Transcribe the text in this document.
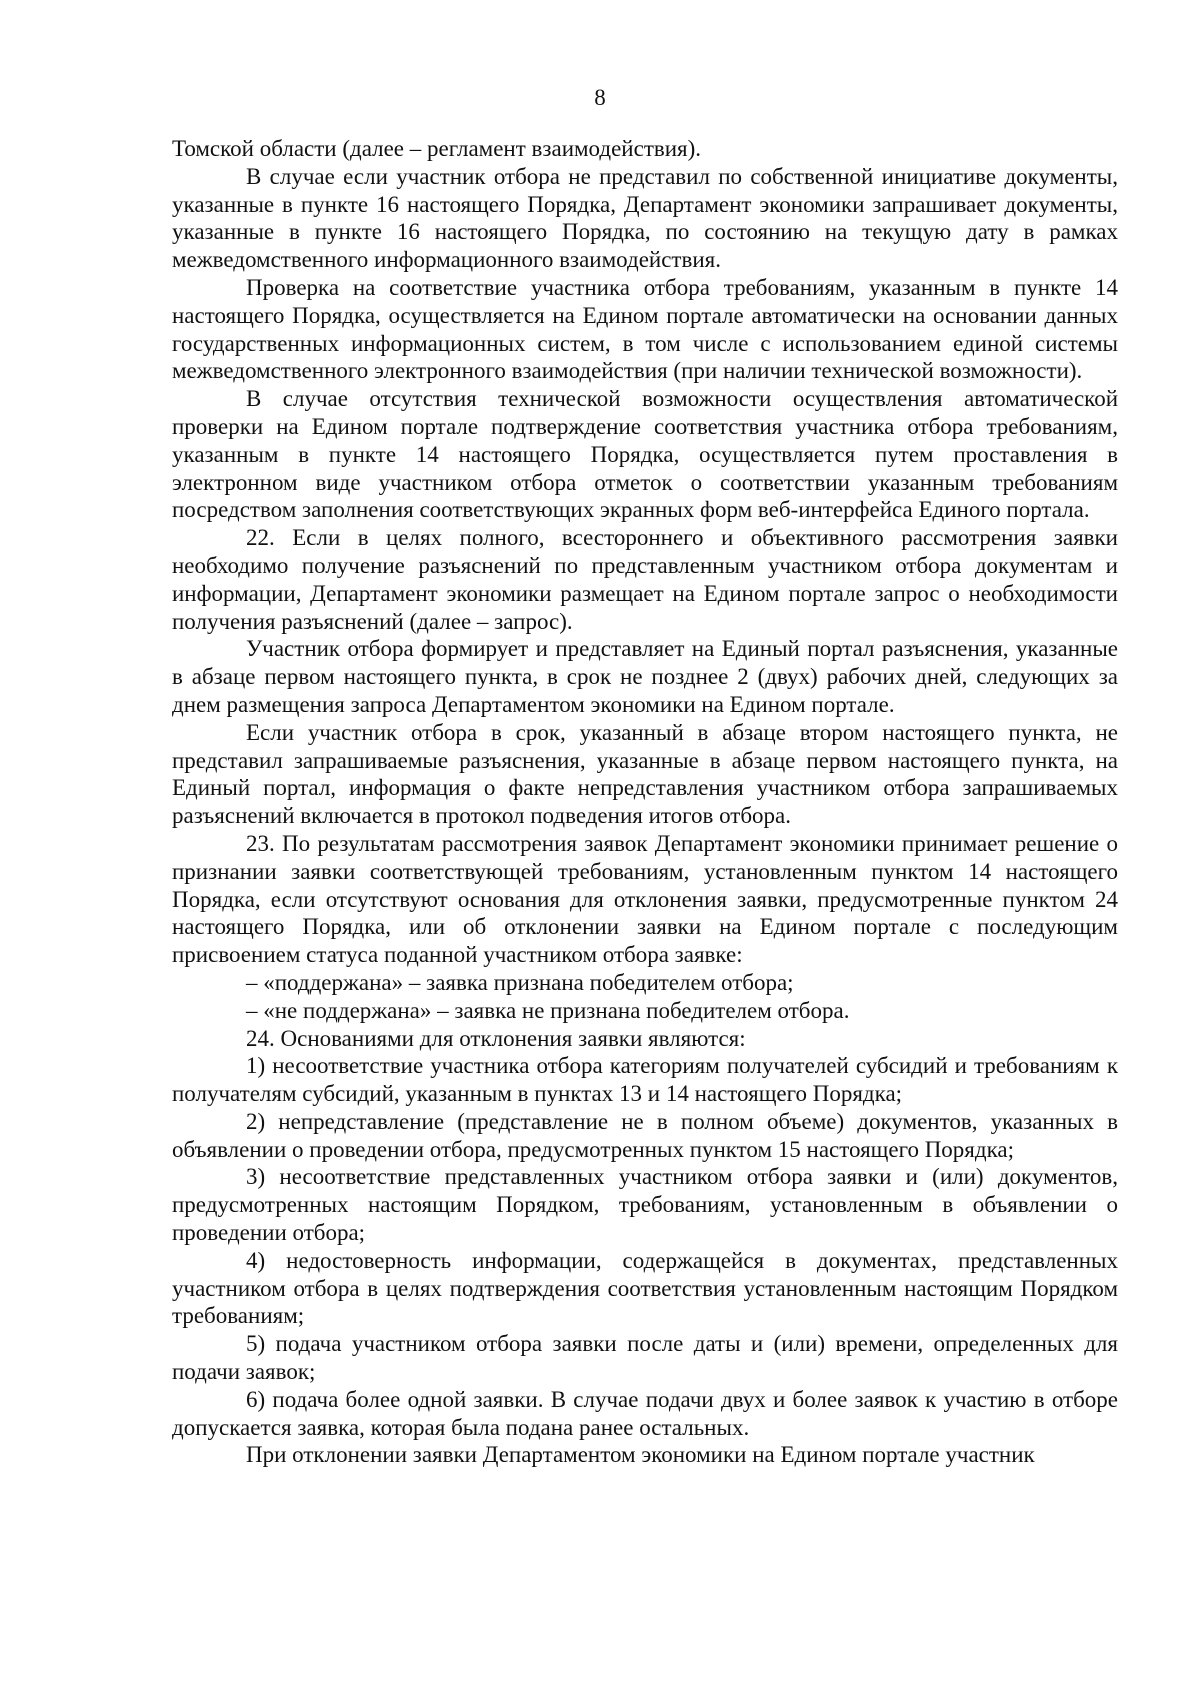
8

Томской области (далее – регламент взаимодействия).

В случае если участник отбора не представил по собственной инициативе документы, указанные в пункте 16 настоящего Порядка, Департамент экономики запрашивает документы, указанные в пункте 16 настоящего Порядка, по состоянию на текущую дату в рамках межведомственного информационного взаимодействия.

Проверка на соответствие участника отбора требованиям, указанным в пункте 14 настоящего Порядка, осуществляется на Едином портале автоматически на основании данных государственных информационных систем, в том числе с использованием единой системы межведомственного электронного взаимодействия (при наличии технической возможности).

В случае отсутствия технической возможности осуществления автоматической проверки на Едином портале подтверждение соответствия участника отбора требованиям, указанным в пункте 14 настоящего Порядка, осуществляется путем проставления в электронном виде участником отбора отметок о соответствии указанным требованиям посредством заполнения соответствующих экранных форм веб-интерфейса Единого портала.

22. Если в целях полного, всестороннего и объективного рассмотрения заявки необходимо получение разъяснений по представленным участником отбора документам и информации, Департамент экономики размещает на Едином портале запрос о необходимости получения разъяснений (далее – запрос).

Участник отбора формирует и представляет на Единый портал разъяснения, указанные в абзаце первом настоящего пункта, в срок не позднее 2 (двух) рабочих дней, следующих за днем размещения запроса Департаментом экономики на Едином портале.

Если участник отбора в срок, указанный в абзаце втором настоящего пункта, не представил запрашиваемые разъяснения, указанные в абзаце первом настоящего пункта, на Единый портал, информация о факте непредставления участником отбора запрашиваемых разъяснений включается в протокол подведения итогов отбора.

23. По результатам рассмотрения заявок Департамент экономики принимает решение о признании заявки соответствующей требованиям, установленным пунктом 14 настоящего Порядка, если отсутствуют основания для отклонения заявки, предусмотренные пунктом 24 настоящего Порядка, или об отклонении заявки на Едином портале с последующим присвоением статуса поданной участником отбора заявке:

– «поддержана» – заявка признана победителем отбора;

– «не поддержана» – заявка не признана победителем отбора.

24. Основаниями для отклонения заявки являются:

1) несоответствие участника отбора категориям получателей субсидий и требованиям к получателям субсидий, указанным в пунктах 13 и 14 настоящего Порядка;

2) непредставление (представление не в полном объеме) документов, указанных в объявлении о проведении отбора, предусмотренных пунктом 15 настоящего Порядка;

3) несоответствие представленных участником отбора заявки и (или) документов, предусмотренных настоящим Порядком, требованиям, установленным в объявлении о проведении отбора;

4) недостоверность информации, содержащейся в документах, представленных участником отбора в целях подтверждения соответствия установленным настоящим Порядком требованиям;

5) подача участником отбора заявки после даты и (или) времени, определенных для подачи заявок;

6) подача более одной заявки. В случае подачи двух и более заявок к участию в отборе допускается заявка, которая была подана ранее остальных.

При отклонении заявки Департаментом экономики на Едином портале участник
